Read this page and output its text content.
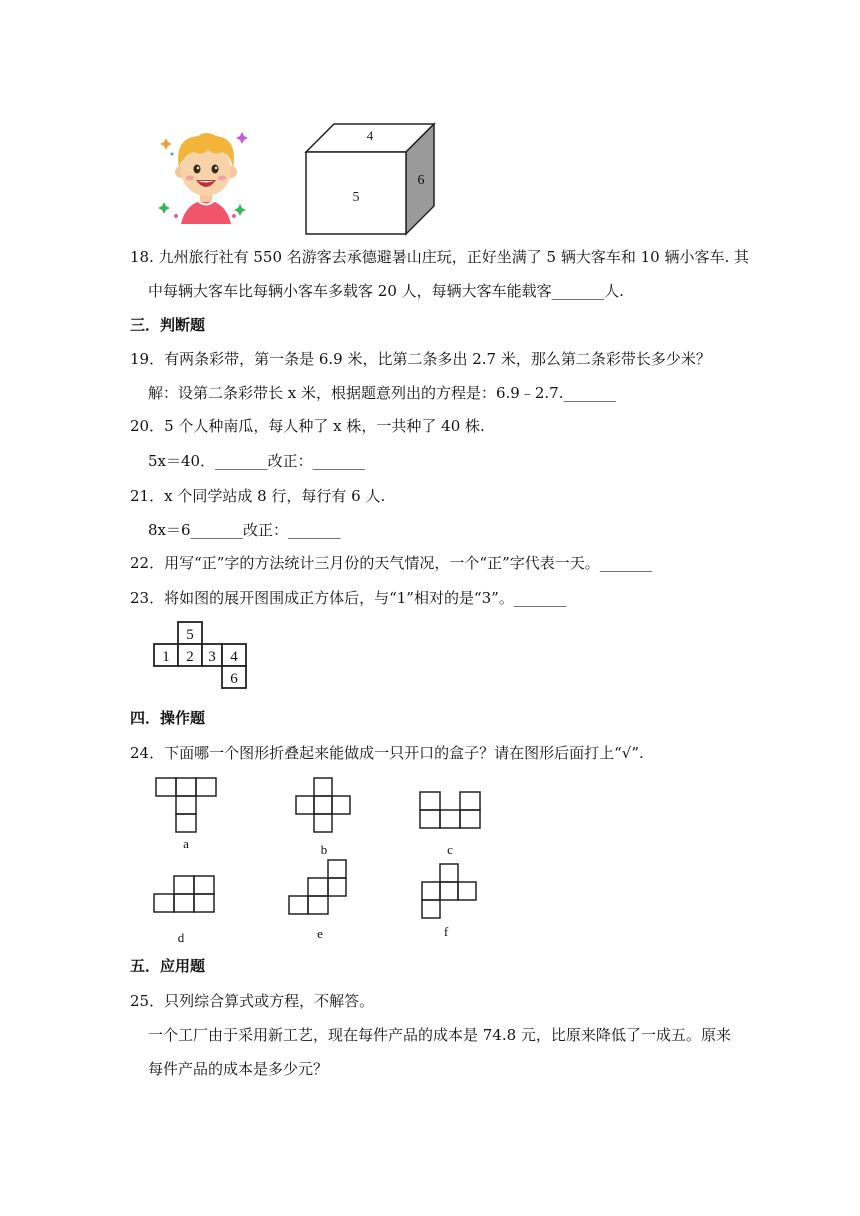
4
5
6
18. 九州旅行社有 550 名游客去承德避暑山庄玩，正好坐满了 5 辆大客车和 10 辆小客车. 其
中每辆大客车比每辆小客车多载客 20 人，每辆大客车能载客_______人.
三．判断题
19．有两条彩带，第一条是 6.9 米，比第二条多出 2.7 米，那么第二条彩带长多少米？
解：设第二条彩带长 x 米，根据题意列出的方程是：6.9﹣2.7._______
20．5 个人种南瓜，每人种了 x 株，一共种了 40 株.
5x＝40．_______改正：_______
21．x 个同学站成 8 行，每行有 6 人.
8x＝6_______改正：_______
22．用写“正”字的方法统计三月份的天气情况，一个“正”字代表一天。_______
23．将如图的展开图围成正方体后，与“1”相对的是“3”。_______
5
1 2 3 4
6
四．操作题
24．下面哪一个图形折叠起来能做成一只开口的盒子？请在图形后面打上“√”.
a	b	c
d	e	f
五．应用题
25．只列综合算式或方程，不解答。
一个工厂由于采用新工艺，现在每件产品的成本是 74.8 元，比原来降低了一成五。原来
每件产品的成本是多少元？
